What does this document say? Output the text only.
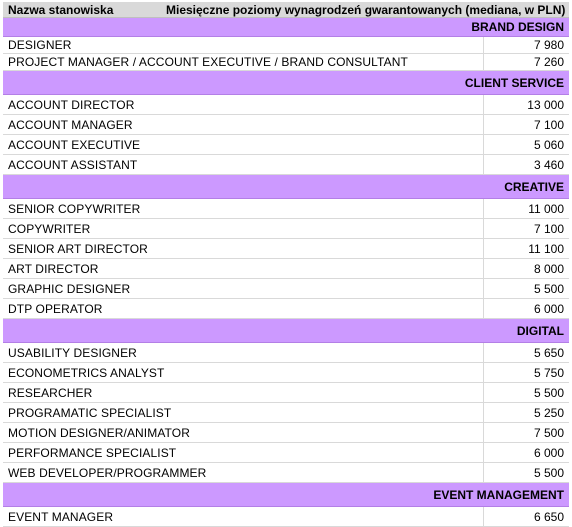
Nazwa stanowiska	Miesięczne poziomy wynagrodzeń gwarantowanych (mediana, w PLN)
BRAND DESIGN
DESIGNER	7 980
PROJECT MANAGER / ACCOUNT EXECUTIVE / BRAND CONSULTANT	7 260
CLIENT SERVICE
ACCOUNT DIRECTOR	13 000
ACCOUNT MANAGER	7 100
ACCOUNT EXECUTIVE	5 060
ACCOUNT ASSISTANT	3 460
CREATIVE
SENIOR COPYWRITER	11 000
COPYWRITER	7 100
SENIOR ART DIRECTOR	11 100
ART DIRECTOR	8 000
GRAPHIC DESIGNER	5 500
DTP OPERATOR	6 000
DIGITAL
USABILITY DESIGNER	5 650
ECONOMETRICS ANALYST	5 750
RESEARCHER	5 500
PROGRAMATIC SPECIALIST	5 250
MOTION DESIGNER/ANIMATOR	7 500
PERFORMANCE SPECIALIST	6 000
WEB DEVELOPER/PROGRAMMER	5 500
EVENT MANAGEMENT
EVENT MANAGER	6 650
